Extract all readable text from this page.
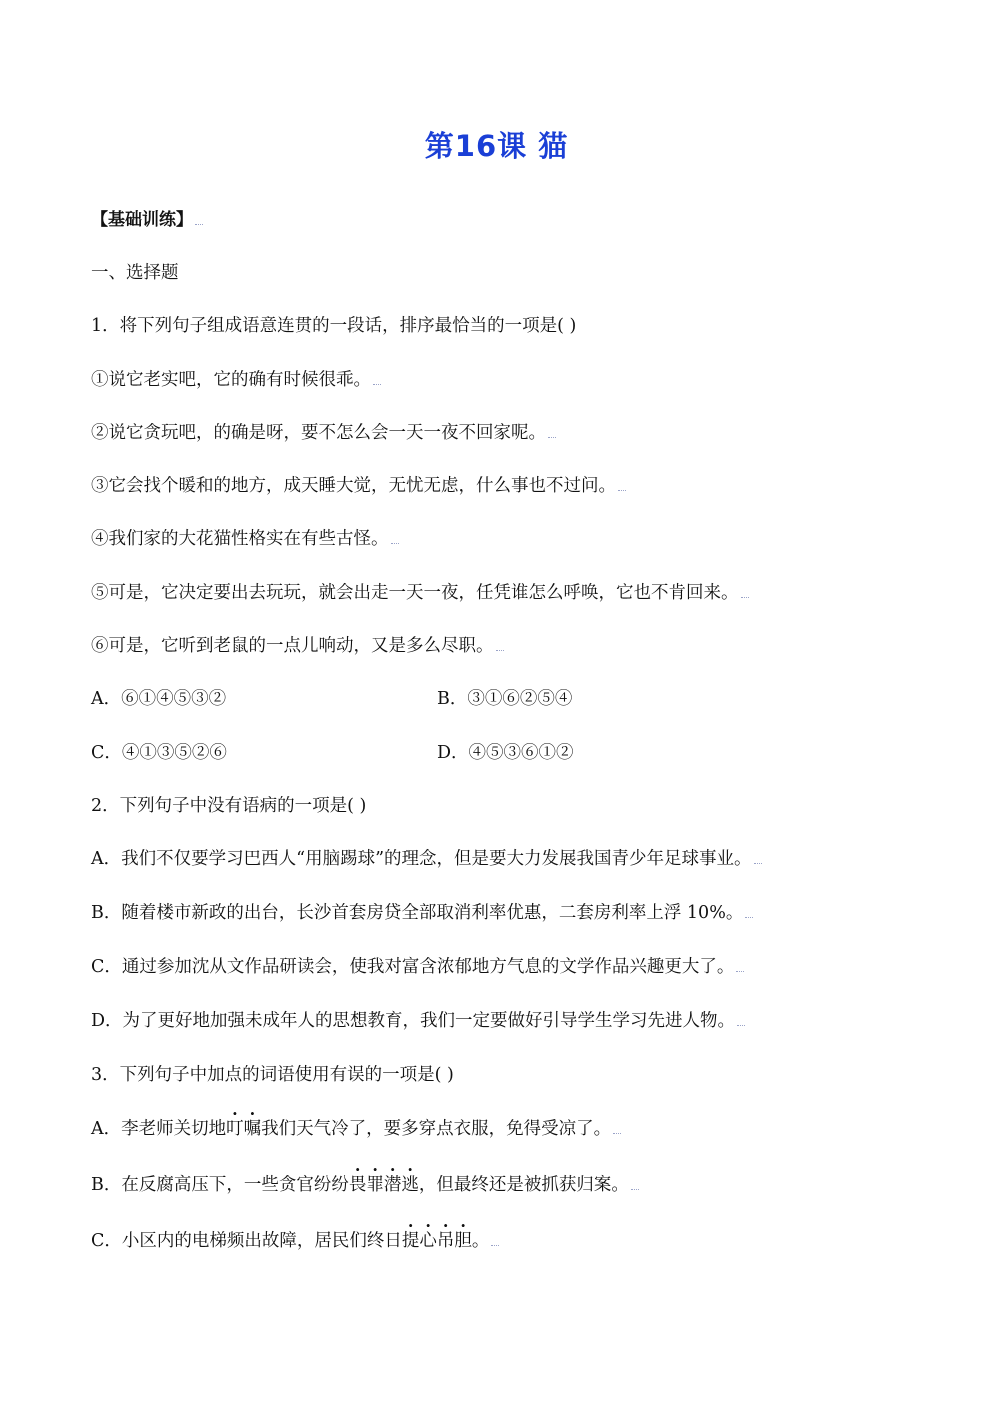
第16课 猫
【基础训练】
一、选择题
1．将下列句子组成语意连贯的一段话，排序最恰当的一项是( )
①说它老实吧，它的确有时候很乖。
②说它贪玩吧，的确是呀，要不怎么会一天一夜不回家呢。
③它会找个暖和的地方，成天睡大觉，无忧无虑，什么事也不过问。
④我们家的大花猫性格实在有些古怪。
⑤可是，它决定要出去玩玩，就会出走一天一夜，任凭谁怎么呼唤，它也不肯回来。
⑥可是，它听到老鼠的一点儿响动，又是多么尽职。
A．⑥①④⑤③②	B．③①⑥②⑤④
C．④①③⑤②⑥	D．④⑤③⑥①②
2．下列句子中没有语病的一项是( )
A．我们不仅要学习巴西人“用脑踢球”的理念，但是要大力发展我国青少年足球事业。
B．随着楼市新政的出台，长沙首套房贷全部取消利率优惠，二套房利率上浮 10%。
C．通过参加沈从文作品研读会，使我对富含浓郁地方气息的文学作品兴趣更大了。
D．为了更好地加强未成年人的思想教育，我们一定要做好引导学生学习先进人物。
3．下列句子中加点的词语使用有误的一项是( )
A．李老师关切地叮嘱我们天气冷了，要多穿点衣服，免得受凉了。
B．在反腐高压下，一些贪官纷纷畏罪潜逃，但最终还是被抓获归案。
C．小区内的电梯频出故障，居民们终日提心吊胆。
